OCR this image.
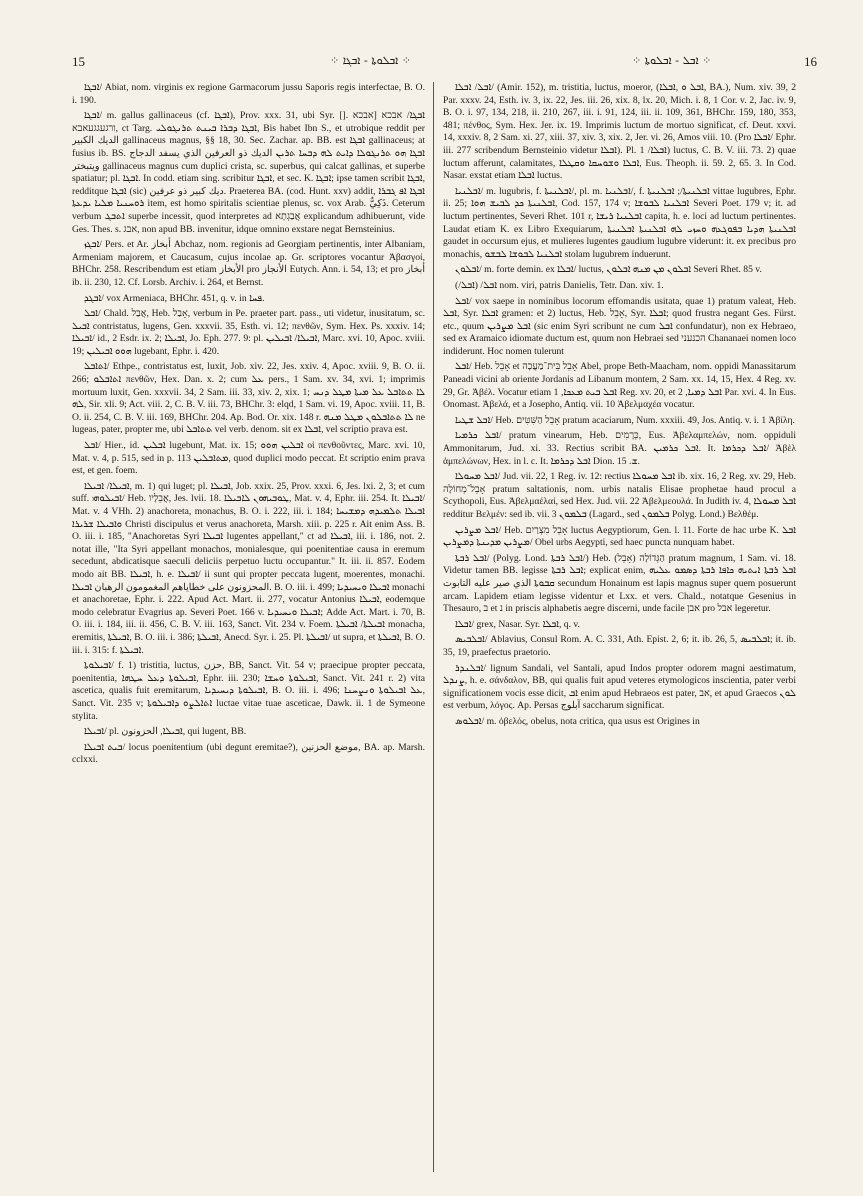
15	⁘ ܐܒܠܘܬܐ - ܐܒܓܐ ⁘	⁘ ܐܒܠ - ܐܒܠܘܬܐ ⁘	16

ܐܒܓܐ/ Abiat, nom. virginis ex regione Garmacorum jussu Saporis regis interfectae, B. O. i. 190.

ܐܒܓܐ/ m. gallus gallinaceus (cf. ܐܒܓܐ), Prov. xxx. 31, ubi Syr. ܐܒܓܐ/ אבכא [אבכא .[] ורגעגגעאבא, ct Targ. ܐܒܓܐ ܕܒܪܐ ܒܝܢܬ ܬܪܢܓܘܠܝ, Bis habet Ibn S., et utrobique reddit per الديك الكبير gallinaceus magnus, §§ 18, 30. Sec. Zachar. ap. BB. est ܐܒܓܐ gallinaceus; at fusius ib. BS. ܐܒܓܐ ܗܘ ܬܪܢܓܘܠܐ ܕܐܝܬ ܠܗ ܕܒܚܐ ܬܪܝܢ الديك ذو العرفين الذي يسفد الدجاج ويتبختر gallinaceus magnus cum duplici crista, sc. superbus, qui calcat gallinas, et superbe spatiatur; pl. ܐܒܓܐ. In codd. etiam sing. scribitur ܐܒܓܐ, et sec. K. ܐܒܓܐ; ipse tamen scribit ܐܒܓܐ, redditque ܐܒܓܐ (sic) ديك كبير ذو عرفين. Praeterea BA. (cod. Hunt. xxv) addit, ܐܒܓܐ ܐܦ ܓܒܪܐ ܪܘܚܢܝܐ ܡܠܝܐ ܝܕܥܬܐ item, est homo spiritalis scientiae plenus, sc. vox Arab. ذَكِيٌّ. Ceterum verbum ܐܬܒܓ superbe incessit, quod interpretes ad אֲבַגְתָא explicandum adhibuerunt, vide Ges. Thes. s. אבג, non apud BB. invenitur, idque omnino exstare negat Bernsteinius.

ܐܒܓܙ/ Pers. et Ar. أبخاز Abchaz, nom. regionis ad Georgiam pertinentis, inter Albaniam, Armeniam majorem, et Caucasum, cujus incolae ap. Gr. scriptores vocantur Ἀβασγοί, BHChr. 258. Rescribendum est etiam الأبخاز pro الأنجاز Eutych. Ann. i. 54, 13; et pro أبخاز ib. ii. 230, 12. Cf. Lorsb. Archiv. i. 264, et Bernst.

ܐܒܓܕ/ vox Armeniaca, BHChr. 451, q. v. in ܦܚܐ.

ܐܒܠ/ Chald. אֲבַל, Heb. אָבַל, verbum in Pe. praeter part. pass., uti videtur, inusitatum, sc. ܐܒܝܠ contristatus, lugens, Gen. xxxvii. 35, Esth. vi. 12; πενθῶν, Sym. Hex. Ps. xxxiv. 14; ܐܒܝܠܐ/ id., 2 Esdr. ix. 2; ܐܒܝܠܐ, Jo. Eph. 277. 9: pl. ܐܒܝܠܐ/ ܐܒܝܠܝܢ, Marc. xvi. 10, Apoc. xviii. 19; ܗܘܘ ܐܒܝܠܝܢ lugebant, Ephr. i. 420.

ܐܬܐܒܠ/ Ethpe., contristatus est, luxit, Job. xiv. 22, Jes. xxiv. 4, Apoc. xviii. 9, B. O. ii. 266; ܐܬܐܒܠܘ πενθῶν, Hex. Dan. x. 2; cum ܥܠ pers., 1 Sam. xv. 34, xvi. 1; imprimis mortuum luxit, Gen. xxxvii. 34, 2 Sam. iii. 33, xiv. 2, xix. 1; ܠܐ ܬܬܐܒܠ ܥܠ ܡܝܬܐ ܡܛܠ ܕܢܚ ܠܗ, Sir. xli. 9; Act. viii. 2, C. B. V. iii. 73, BHChr. 3: elqd, 1 Sam. vi. 19, Apoc. xviii. 11, B. O. ii. 254, C. B. V. iii. 169, BHChr. 204. Ap. Bod. Or. xix. 148 r. ܠܐ ܬܬܐܒܠܘܢ ܡܛܠ ܡܢܗ ne lugeas, pater, propter me, ubi ܬܬܐܒܠ vel verb. denom. sit ex ܐܒܠܐ, vel scriptio prava est.

ܐܒܠ/ Hier., id. ܐܒܠܝܢ lugebunt, Mat. ix. 15; ܐܒܠܝܢ ܗܘܘ οἱ πενθοῦντες, Marc. xvi. 10, Mat. v. 4, p. 515, sed in p. 113 ܡܬܐܒܠܝܢ, quod duplici modo peccat. Et scriptio enim prava est, et gen. foem.

ܐܒܝܠܐ/ ܐܒܝܠܐ, m. 1) qui luget; pl. ܐܒܝܠܐ, Job. xxix. 25, Prov. xxxi. 6, Jes. lxi. 2, 3; et cum suff. ܐܒܝܠܘܗܝ/ Heb. אֲבֵלָיו, Jes. lvii. 18. ܛܘܒܝܗܘܢ ܠܐܒܝܠܐ, Mat. v. 4, Ephr. iii. 254. It. ܐܒܝܠܐ/ Mat. v. 4 VHh. 2) anachoreta, monachus, B. O. i. 222, iii. i. 184; ܐܒܝܠܐ ܬܠܡܝܕܗ ܕܡܫܝܚܐ ܘܐܒܝܠܐ ܫܪܝܪܐ Christi discipulus et verus anachoreta, Marsh. xiii. p. 225 r. Ait enim Ass. B. O. iii. i. 185, "Anachoretas Syri ܐܒܝܠܐ lugentes appellant," ct ad ܐܒܝܠܐ, iii. i. 186, not. 2. notat ille, "Ita Syri appellant monachos, monialesque, qui poenitentiae causa in eremum secedunt, abdicatisque saeculi deliciis perpetuo luctu occupantur." It. iii. ii. 857. Eodem modo ait BB. ܐܒܝܠܐ, h. e. ܐܒܝܠܐ/ ii sunt qui propter peccata lugent, moerentes, monachi. المحزونون على خطاياهم المغمومون الرهبان ܐܒܝܠܐ. B. O. iii. i. 499; ܐܒܝܠܐ ܘܝܚܝܕܝܐ monachi et anachoretae, Ephr. i. 222. Apud Act. Mart. ii. 277, vocatur Antonius ܐܒܝܠܐ, eodemque modo celebratur Evagrius ap. Severi Poet. 166 v. ܐܒܝܠܐ ܘܝܚܝܕܝܐ; Adde Act. Mart. i. 70, B. O. iii. i. 184, iii. ii. 456, C. B. V. iii. 163, Sanct. Vit. 234 v. Foem. ܐܒܝܠܬܐ/ ܐܒܝܠܬܐ monacha, eremitis, ܐܒܝܠܬܐ, B. O. iii. i. 386; ܐܒܝܠܬܐ, Anecd. Syr. i. 25. Pl. ܐܒܝܠܬܐ/ ut supra, et ܐܒܝܠܬܐ, B. O. iii. i. 315: f. ܐܒܝܠܬܐ.

ܐܒܝܠܘܬܐ/ f. 1) tristitia, luctus, حزن, BB, Sanct. Vit. 54 v; praecipue propter peccata, poenitentia, ܐܒܝܠܘܬܐ ܕܥܠ ܚܛܗܐ, Ephr. iii. 230; ܐܒܝܠܘܬܐ ܘܚܫܐ, Sanct. Vit. 241 r. 2) vita ascetica, qualis fuit eremitarum, ܐܒܝܠܘܬܐ ܕܝܚܝܕܝܐ, B. O. iii. i. 496; ܥܠ ܐܒܝܠܘܬܐ ܘܢܨܚܢܐ, Sanct. Vit. 235 v; ܐܬܐܠܨܘ ܕܐܒܝܠܘܬܐ luctae vitae tuae asceticae, Dawk. ii. 1 de Symeone stylita.

ܐܒܝܠܐ/ pl. ܐܒܝܠܐ, الحزونون, qui lugent, BB.

ܒܝܬ ܐܒܝܠܐ/ locus poenitentium (ubi degunt eremitae?), موضع الحزنين, BA. ap. Marsh. cclxxi.

ܐܒܠ/ ܐܒܠܐ/ (Amir. 152), m. tristitia, luctus, moeror, (ܐܒܠ ܘ ,ܐܒܠܐ, BA.), Num. xiv. 39, 2 Par. xxxv. 24, Esth. iv. 3, ix. 22, Jes. iii. 26, xix. 8, lx. 20, Mich. i. 8, 1 Cor. v. 2, Jac. iv. 9, B. O. i. 97, 134, 218, ii. 210, 267, iii. i. 91, 124, iii. ii. 109, 361, BHChr. 159, 180, 353, 481; πένθος, Sym. Hex. Jer. ix. 19. Imprimis luctum de mortuo significat, cf. Deut. xxvi. 14, xxxiv. 8, 2 Sam. xi. 27, xiii. 37, xiv. 3, xix. 2, Jer. vi. 26, Amos viii. 10. (Pro ܐܒܠܐ/ Ephr. iii. 277 scribendum Bernsteinio videtur ܐܒܠܐ). Pl. ܐܒܠܐ/ 1) luctus, C. B. V. iii. 73. 2) quae luctum afferunt, calamitates, ܐܒܠܐ ܘܫܘܚܩܐ ܘܩܛܠܐ, Eus. Theoph. ii. 59. 2, 65. 3. In Cod. Nasar. exstat etiam ܐܒܠܐ luctus.

ܐܒܠܢܝܐ/ m. lugubris, f. ܐܒܠܢܝܬܐ/, pl. m. ܐܒܠܢܝܐ/, f. ܐܒܠܢܝܬܐ/; ܐܒܠܢܝܬܐ vittae lugubres, Ephr. ii. 25; ܐܒܠܢܝܬܐ ܟܕ ܠܒܝܫ ܗܘܐ, Cod. 157, 174 v; ܐܒܠܢܝܐ ܠܒܘܫܐ Severi Poet. 179 v; it. ad luctum pertinentes, Severi Rhet. 101 r, ܐܒܠܢܝܐ ܪܝܫܐ capita, h. e. loci ad luctum pertinentes. Laudat etiam K. ex Libro Exequiarum, ܐܒܠܢܝܬܐ ܗܕܝܐ ܒܦܘܓܥܗ ܘܚܙܝ ܠܗ ܐܒܠܢܝܬܐ ܐܒܠܢܝܬܐ gaudet in occursum ejus, et mulieres lugentes gaudium lugubre viderunt: it. ex precibus pro monachis, ܐܒܠܢܝܐ ܠܒܘܫܐ ܠܒܫܘ stolam lugubrem induerunt.

ܐܒܠܘܢ/ m. forte demin. ex ܐܒܠܐ/ luctus, ܐܒܠܘܢ ܡܢ ܡܢܗ ܐܒܠܘܢ Severi Rhet. 85 v.

ܐܒܠ/ (ܐܒܠ/) nom. viri, patris Danielis, Tetr. Dan. xiv. 1.

ܐܒܠ/ vox saepe in nominibus locorum effomandis usitata, quae 1) pratum valeat, Heb. ܐܒܠ, Syr. ܐܒܠܐ gramen: et 2) luctus, Heb. אָבֵל, Syr. ܐܒܠܐ; quod frustra negant Ges. Fürst. etc., quum ܐܒܠ ܡܨܪܝܢ (sic enim Syri scribunt ne cum ܐܒܠ confundatur), non ex Hebraeo, sed ex Aramaico idiomate ductum est, quum non Hebraei sed הכנעני Chananaei nomen loco indiderunt. Hoc nomen tulerunt

ܐܒܠ/ Heb. אָבֵל et אָבֵל בֵּית־מַעֲכָה Abel, prope Beth-Maacham, nom. oppidi Manassitarum Paneadi vicini ab oriente Jordanis ad Libanum montem, 2 Sam. xx. 14, 15, Hex. 4 Reg. xv. 29, Gr. Ἀβέλ. Vocatur etiam ܐܒܠ ܒܝܬ ܡܥܟܐ, 1 Reg. xv. 20, et ܐܒܠ ܕܡܝܐ, 2 Par. xvi. 4. In Eus. Onomast. Ἀβελά, et a Josepho, Antiq. vii. 10 Ἀβελμαχέα vocatur.

ܐܒܠ ܫܛܝܐ/ Heb. אָבֵל הַשִּׁטִּים pratum acaciarum, Num. xxxiii. 49, Jos. Antiq. v. i. 1 Ἀβίλη.

ܐܒܠ ܟܪܡܝܐ/ pratum vinearum, Heb. כְּרָמִים, Eus. Ἀβελαμπελών, nom. oppiduli Ammonitarum, Jud. xi. 33. Rectius scribit BA. ܐܒܠ ܟܪܡܝܢ. It. ܐܒܠ ܕܟܪܡܐ/ Ἀβὲλ ἀμπελώνων, Hex. in l. c. It. ܐܒܠ ܕܟܪܡܐ Dion. ܫ. 15.

ܐܒܠ ܡܚܘܠܐ/ Jud. vii. 22, 1 Reg. iv. 12: rectius ܐܒܠ ܡܚܘܠܐ ib. xix. 16, 2 Reg. xv. 29, Heb. אָבֵל־מְחוֹלָה pratum saltationis, nom. urbis natalis Elisae prophetae haud procul a Scythopoli, Eus. Ἀβελμαέλαί, sed Hex. Jud. vii. 22 Ἀβελμεουλά. In Judith iv. 4, ܐܒܠ ܡܚܘܠܐ redditur Βελμέν: sed ib. vii. 3 ܒܠܡܘܢ (Lagard., sed ܒܠܡܘܢ Polyg. Lond.) Βελθέμ.

ܐܒܠ ܡܨܪܝܢ/ Heb. אָבֵל מִצְרַיִם luctus Aegyptiorum, Gen. l. 11. Forte de hac urbe K. ܐܒܠ ܡܨܪܝܢ ܡܕܝܢܬܐ ܕܡܨܪܝܢ/ Obel urbs Aegypti, sed haec puncta nunquam habet.

ܐܒܠ ܪܒܬܐ/ (Polyg. Lond. ܐܒܠ ܪܒܬܐ/) Heb. (אָבֵל) הַגְּדוֹלָה pratum magnum, 1 Sam. vi. 18. Videtur tamen BB. legisse ܐܒܠ ܪܒܬܐ; explicat enim, ܐܒܠ ܪܒܬܐ ܐܝܬܝܗ ܟܐܦܐ ܪܒܬܐ ܕܣܡܘ ܥܠܝܗ ܩܒܘܬܐ الذي صير عليه التابوت secundum Honainum est lapis magnus super quem posuerunt arcam. Lapidem etiam legisse videntur et Lxx. et vers. Chald., notatque Gesenius in Thesauro, ב et נ in priscis alphabetis aegre discerni, unde facile אבן pro אבל legeretur.

ܐܒܠܐ/ grex, Nasar. Syr. ܐܒܠܐ, q. v.

ܐܒܠܒܝܣ/ Ablavius, Consul Rom. A. C. 331, Ath. Epist. 2, 6; it. ib. 26, 5, ܐܒܠܒܝܣ; it. ib. 35, 19, praefectus praetorio.

ܐܒܠܢܕܪ/ lignum Sandali, vel Santali, apud Indos propter odorem magni aestimatum, ܨܢܕܠ, h. e. σάνδαλον, BB, qui qualis fuit apud veteres etymologicos inscientia, pater verbi significationem vocis esse dicit, ܐܒ enim apud Hebraeos est pater, אב, et apud Graecos ܠܘܢ est verbum, λόγος. Ap. Persas آبلوج saccharum significat.

ܐܒܠܘܣ/ m. ὀβελός, obelus, nota critica, qua usus est Origines in
